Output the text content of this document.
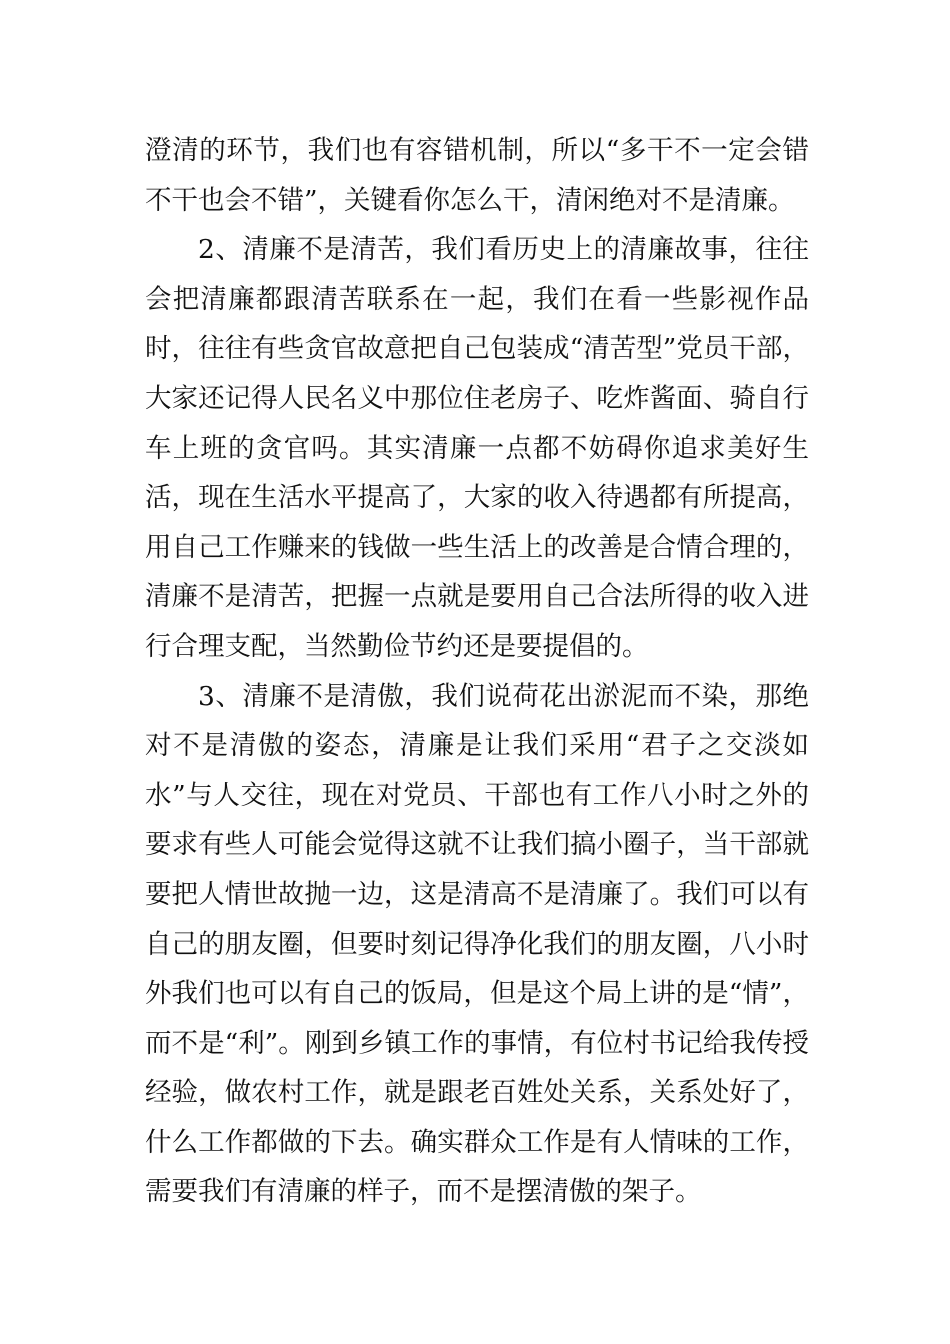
澄清的环节，我们也有容错机制，所以“多干不一定会错不干也会不错”，关键看你怎么干，清闲绝对不是清廉。

2、清廉不是清苦，我们看历史上的清廉故事，往往会把清廉都跟清苦联系在一起，我们在看一些影视作品时，往往有些贪官故意把自己包装成“清苦型”党员干部，大家还记得人民名义中那位住老房子、吃炸酱面、骑自行车上班的贪官吗。其实清廉一点都不妨碍你追求美好生活，现在生活水平提高了，大家的收入待遇都有所提高，用自己工作赚来的钱做一些生活上的改善是合情合理的，清廉不是清苦，把握一点就是要用自己合法所得的收入进行合理支配，当然勤俭节约还是要提倡的。

3、清廉不是清傲，我们说荷花出淤泥而不染，那绝对不是清傲的姿态，清廉是让我们采用“君子之交淡如水”与人交往，现在对党员、干部也有工作八小时之外的要求有些人可能会觉得这就不让我们搞小圈子，当干部就要把人情世故抛一边，这是清高不是清廉了。我们可以有自己的朋友圈，但要时刻记得净化我们的朋友圈，八小时外我们也可以有自己的饭局，但是这个局上讲的是“情”，而不是“利”。刚到乡镇工作的事情，有位村书记给我传授经验，做农村工作，就是跟老百姓处关系，关系处好了，什么工作都做的下去。确实群众工作是有人情味的工作，需要我们有清廉的样子，而不是摆清傲的架子。
